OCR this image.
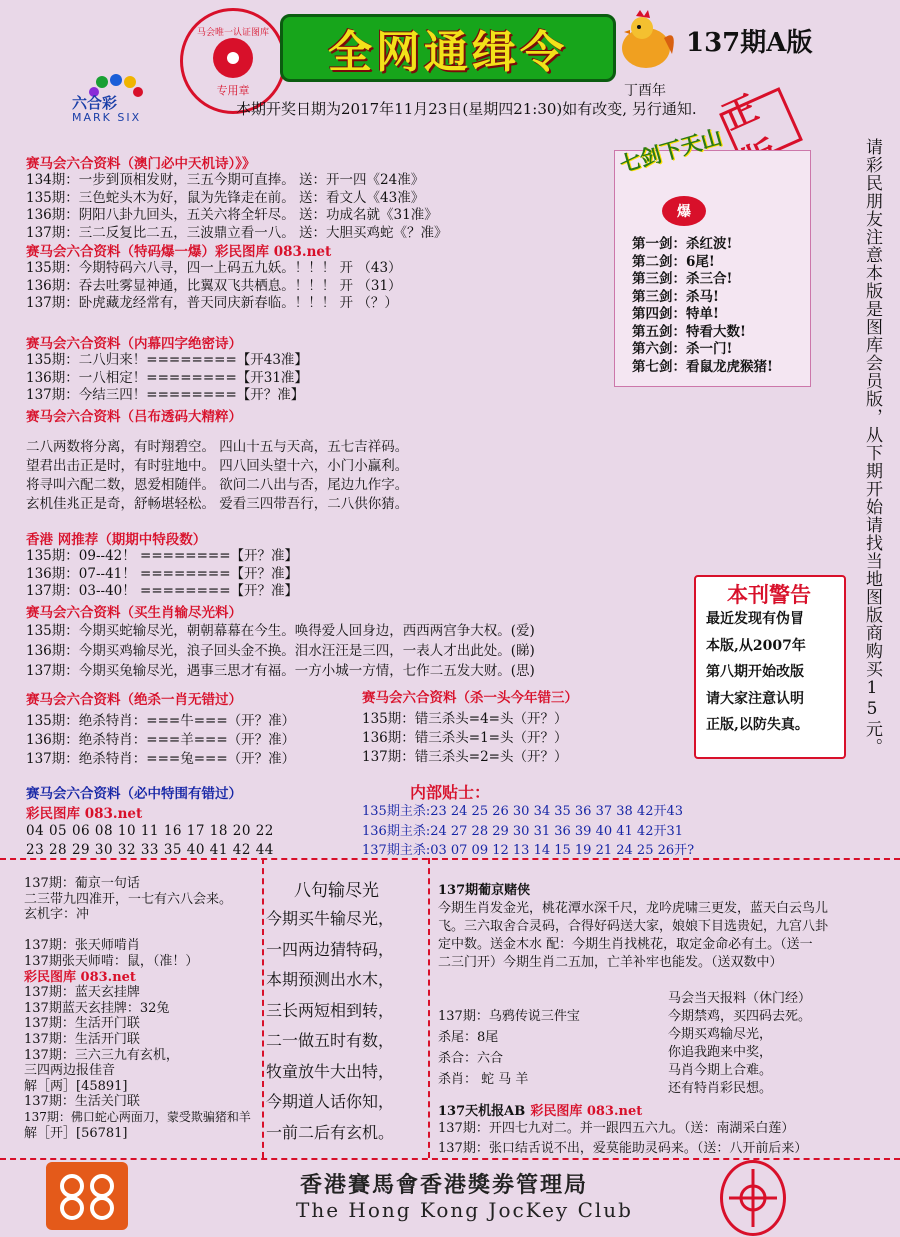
六合彩
MARK SIX
马会唯一认证图库
专用章
全网通缉令	137期A版
丁酉年
本期开奖日期为2017年11月23日(星期四21:30)如有改变, 另行通知. 正版	请彩民朋友注意本版是图库会员版，从下期开始请找当地图版商购买15元。
七剑下天山
爆
第一剑：杀红波!
第二剑：6尾!
第三剑：杀三合!
第三剑：杀马!
第四剑：特单!
第五剑：特看大数!
第六剑：杀一门!
第七剑：看鼠龙虎猴猪!
赛马会六合资料（澳门必中天机诗）》》
134期：一步到顶相发财，三五今期可直捧。 送：开一四《24准》
135期：三色蛇头木为好，鼠为先锋走在前。 送：看文人《43准》
136期：阴阳八卦九回头，五关六将全轩尽。 送：功成名就《31准》
137期：三二反复比二五，三波鼎立看一八。 送：大胆买鸡蛇《？准》
赛马会六合资料（特码爆一爆）彩民图库 083.net
135期：今期特码六八寻，四一上码五九妖。！！！ 开 （43）
136期：吞去吐雾显神通，比翼双飞共栖息。！！！ 开 （31）
137期：卧虎藏龙经常有，普天同庆新春临。！！！ 开 （？）
赛马会六合资料（内幕四字绝密诗）
135期：二八归来！========【开43准】
136期：一八相定！========【开31准】
137期：今结三四！========【开？准】
赛马会六合资料（吕布透码大精粹）
二八两数将分离，有时翔碧空。 四山十五与天高，五七吉祥码。
望君出击正是时，有时驻地中。 四八回头望十六，小门小赢利。
将寻叫六配二数，恩爱相随伴。 欲问二八出与否，尾边九作字。
玄机佳兆正是奇，舒畅堪轻松。 爱看三四带吾行，二八供你猜。
香港 网推荐（期期中特段数）
135期：09--42！ ========【开？准】
136期：07--41！ ========【开？准】
137期：03--40！ ========【开？准】
赛马会六合资料（买生肖输尽光料）
135期：今期买蛇输尽光，朝朝幕幕在今生。唤得爱人回身边，西西两宫争大权。(爱)
136期：今期买鸡输尽光，浪子回头金不换。泪水汪汪是三四，一表人才出此处。(睇)
137期：今期买兔输尽光，遇事三思才有福。一方小城一方情，七作二五发大财。(思)
本刊警告
最近发现有伪冒
本版,从2007年
第八期开始改版
请大家注意认明
正版,以防失真。
赛马会六合资料（绝杀一肖无错过）
135期：绝杀特肖：===牛===（开？准）
136期：绝杀特肖：===羊===（开？准）
137期：绝杀特肖：===兔===（开？准）
赛马会六合资料（杀一头今年错三）
135期：错三杀头=4=头（开？）
136期：错三杀头=1=头（开？）
137期：错三杀头=2=头（开？）
赛马会六合资料（必中特围有错过）
彩民图库 083.net
04 05 06 08 10 11 16 17 18 20 22
23 28 29 30 32 33 35 40 41 42 44
内部贴士：
135期主杀:23 24 25 26 30 34 35 36 37 38 42开43
136期主杀:24 27 28 29 30 31 36 39 40 41 42开31
137期主杀:03 07 09 12 13 14 15 19 21 24 25 26开?
137期：葡京一句话
二三带九四准开，一七有六八会来。
玄机字：冲
137期：张天师啃肖
137期张天师啃：鼠，（准！）
彩民图库 083.net
137期：蓝天玄挂牌
137期蓝天玄挂牌：32兔
137期：生活开门联
137期：生活开门联
137期：三六三九有玄机，
三四两边报佳音
解［两］[45891]
137期：生活关门联
137期：佛口蛇心两面刀，蒙受欺骗猪和羊
解［开］[56781]
八句输尽光
今期买牛输尽光，
一四两边猜特码，
本期预测出水木，
三长两短相到转，
二一做五时有数，
牧童放牛大出特，
今期道人话你知，
一前二后有玄机。
137期葡京赌侠
今期生肖发金光，桃花潭水深千尺，龙吟虎啸三更发，蓝天白云鸟儿
飞。三六取舍合灵码，合得好码送大家，娘娘下目选贵妃，九宫八卦
定中数。送金木水 配：今期生肖找桃花，取定金命必有土。（送一
二三门开）今期生肖二五加，亡羊补牢也能发。（送双数中）
137期：乌鸦传说三件宝
杀尾：8尾
杀合：六合
杀肖： 蛇 马 羊
马会当天报料（休门经）
今期禁鸡，买四码去死。
今期买鸡输尽光，
你追我跑来中奖，
马肖今期上合难。
还有特肖彩民想。
137天机报AB 彩民图库 083.net
137期：开四七九对二。并一跟四五六九。（送：南湖采白莲）
137期：张口结舌说不出，爱莫能助灵码来。（送：八开前后来）
香港賽馬會香港獎劵管理局
The Hong Kong JocKey Club
